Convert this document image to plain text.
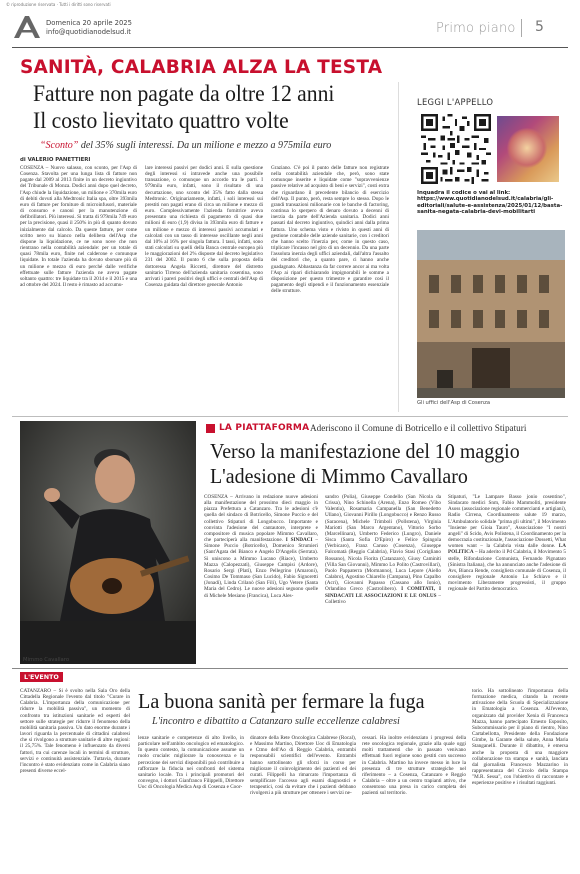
© riproduzione riservata · Tutti i diritti sono riservati
Domenica 20 aprile 2025
info@quotidianodelsud.it	Primo piano 5
SANITÀ, CALABRIA ALZA LA TESTA
Fatture non pagate da oltre 12 anni
Il costo lievitato quattro volte
“Sconto” del 35% sugli interessi. Da un milione e mezzo a 975mila euro
di VALERIO PANETTIERI
COSENZA – Nuovo salasso, con sconto, per l'Asp di Cosenza. Stavolta per una lunga lista di fatture non pagate dal 2009 al 2013 finite in un decreto ingiuntivo del Tribunale di Monza. Dodici anni dopo quel decreto, l'Asp chiude la liquidazione, un milione e 370mila euro di debiti dovuti alla Medtronic Italia spa, oltre 393mila euro di fatture per forniture di microinfusori, materiale di consumo e canoni per la manutenzione di defibrillatori. Più interessi. Si tratta di 979mila 749 euro per la precisione, quasi il 250% in più di quanto dovuto inizialmente dal calcolo. Da queste fatture, per come scritto nero su bianco nella delibera dell'Asp che dispone la liquidazione, ce ne sono nove che non rientrano nella contabilità aziendale: per un totale di quasi 78mila euro, finite nel calderone e comunque liquidate. In totale l'azienda ha dovuto sborsare più di un milione e mezzo di euro perché dalle verifiche effettuate sulle fatture l'azienda ne aveva pagate soltanto quattro: tre liquidate tra il 2014 e il 2015 e una ad ottobre del 2024. Il resto è rimasto ad accumu-
lare interessi passivi per dodici anni. E sulla questione degli interessi si intravede anche una possibile transazione, o comunque un accordo tra le parti. I 979mila euro, infatti, sono il risultato di una decurtazione, uno sconto del 35% fatto dalla stessa Medtronic. Originariamente, infatti, i soli interessi sui prestiti non pagati erano di circa un milione e mezzo di euro. Complessivamente l'azienda fornitrice aveva presentato una richiesta di pagamento di quasi due milioni di euro (1,9) divisa in 393mila euro di fatture e un milione e mezzo di interessi passivi accumulati e calcolati con un tasso di interesse oscillante negli anni dal 10% al 16% per singola fattura. I tassi, infatti, sono stati calcolati su quelli della Banca centrale europea più le maggiorazioni del 2% disposte dal decreto legislativo 231 del 2002. Il punto 6 che sulla proposta della dottoressa Angela Riccetti, direttore del distretto sanitario Tirreno dell'azienda sanitaria cosentina, sono arrivati i pareri positivi degli uffici e centrali dell'Asp di Cosenza guidata dal direttore generale Antonio
Graziano. C'è poi il punto delle fatture non registrate nella contabilità aziendale che, però, sono state comunque inserite e liquidate come "sopravvenienze passive relative ad acquisto di beni e servizi", costi extra che riguardano il precedente bilancio di esercizio dell'Asp. Il punto, però, resta sempre lo stesso. Dopo le grandi transazioni milionarie con le banche di factoring, continua lo sperpero di denaro dovuto a decenni di inerzia da parte dell'Azienda sanitaria. Dodici anni passati dal decreto ingiuntivo, quindici anni dalla prima fattura. Uno schema visto e rivisto in questi anni di gestione contabile delle aziende sanitarie, con i creditori che hanno scelto l'inerzia per, come in questo caso, triplicare l'incasso nel giro di un decennio. Da una parte l'assoluta inerzia degli uffici aziendali, dall'altra l'assalto dei creditori che, a quanto pare, ci hanno anche guadagnato. Abbastanza da far correre ancor ai ma volta l'Asp ai ripari dichiarando impignorabili le somme a disposizione per questo trimestre e garantire così il pagamento degli stipendi e il funzionamento essenziale delle strutture.
LEGGI L'APPELLO
Inquadra il codice o vai al link: https://www.quotidianodelsud.it/calabria/gli-editoriali/salute-e-assistenza/2025/01/12/basta-sanita-negata-calabria-devi-mobilitarti
Gli uffici dell'Asp di Cosenza
Mimmo Cavallaro
LA PIATTAFORMA Aderiscono il Comune di Botricello e il collettivo Stipaturi
Verso la manifestazione del 10 maggio
L'adesione di Mimmo Cavallaro
COSENZA – Arrivano in redazione nuove adesioni alla manifestazione del prossimo dieci maggio in piazza Prefettura a Catanzaro. Tra le adesioni c'è quella del sindaco di Botricello, Simone Puccio e del collettivo Stipaturi di Longobucco. Importante e convinta l'adesione del cantautore, interprete e compositore di musica popolare Mimmo Cavallaro, che parteciperà alla manifestazione. I SINDACI – Simone Puccio (Botricello), Domenico Strumieri (Sant'Agata del Bianco e Angelo D'Angelis (Serrata). Si uniscono a Mimmo Lucano (Riace), Umberto Mazza (Calopezzati), Giuseppe Campisi (Ardore), Rosario Sergi (Platì), Enzo Pellegrino (Amaroni), Cosimo De Tommaso (San Lucido), Fabio Signoretti (Jonadi), Linda Crilanò (San Fili), Ugo Vetere (Santa Maria del Cedro). Le nuove adesioni seguono quelle di Michele Mesiano (Francica), Luca Ales-
sandro (Polia), Giuseppe Condello (San Nicola da Crissa), Nino Schinella (Arena), Enzo Romeo (Vibo Valentia), Rosamaria Campanella (San Benedetto Ullano), Giovanni Pirillo (Longobucco) e Renzo Russo (Saracena), Michele Trimboli (Pollstena), Virginia Mariotti (San Marco Argentano), Vittorio Sorbo (Marcellinara), Umberto Federico (Lungro), Daniele Sisca (Santa Sofia D'Epiro) e Felice Spingola (Verbicaro), Franz Caruso (Cosenza), Giuseppe Falcomatà (Reggio Calabria), Flavio Stasi (Corigliano Rossano), Nicola Fiorita (Catanzaro), Giusy Caminiti (Villa San Giovanni), Mimmo Lo Polito (Castrovillari), Paolo Pappaterra (Mormanno), Luca Lepore (Aiello Calabro), Agostino Chiarello (Campana), Pino Capalbo (Acri), Giovanni Papasso (Cassano allo Ionio), Orlandino Greco (Castrolibero). I COMITATI, I SINDACATI LE ASSOCIAZIONI E LE ONLUS – Collettivo
Stipaturi, "Le Lampare Basso jonio cosentino", Sindacato medici Snm, Fabio Mammoliti, presidente Asoss (associazione regionale commercianti e artigiani), Radio Cirrena, Coordinamento salute 19 marzo, L'Ambulatorio solidale "prima gli ultimi", il Movimento "Insieme per Gioia Tauro", Associazione "I nostri angeli" di Scido, Avis Polistena, il Coordinamento per la democrazia costituzionale, l'associazione Dossetti, What women want – la Calabria vista dalle donne. LA POLITICA – Ha aderito il Pd Calabria, il Movimento 5 stelle, Rifondazione Comunista, Fernando Pignataro (Sinistra Italiana), che ha annunciato anche l'adesione di Avs, Bianca Rende, consigliera comunale di Cosenza, il consigliere regionale Antonio Lo Schiavo e il movimento Liberamente progressisti, il gruppo regionale del Partito democratico.
L'EVENTO
La buona sanità per fermare la fuga
L'incontro e dibattito a Catanzaro sulle eccellenze calabresi
CATANZARO – Si è svolto nella Sala Oro della Cittadella Regionale l'evento dal titolo "Curare in Calabria. L'importanza della comunicazione per ridurre la mobilità passiva", un momento di confronto tra istituzioni sanitarie ed esperti del settore sulle strategie per ridurre il fenomeno della mobilità sanitaria passiva. Un dato enorme durante i lavori riguarda la percentuale di cittadini calabresi che si rivolgono a strutture sanitarie di altre regioni: il 25,75%. Tale fenomeno è influenzato da diversi fattori, tra cui carenze locali in termini di strutture, servizi e continuità assistenziale. Tuttavia, durante l'incontro è stato evidenziato come in Calabria siano presenti diverse eccel-
lenze sanitarie e competenze di alto livello, in particolare nell'ambito oncologico ed ematologico. In questo contesto, la comunicazione assume un ruolo cruciale: migliorare la conoscenza e la percezione dei servizi disponibili può contribuire a rafforzare la fiducia nei confronti del sistema sanitario locale. Tra i principali promotori del convegno, i dottori Gianfranco Filippelli, Direttore Uoc di Oncologia Medica Asp di Cosenza e Coor-
dinatore della Rete Oncologica Calabrese (Rocal), e Massimo Martino, Direttore Uoc di Ematologia e Ctmo dell'Ao di Reggio Calabria, entrambi responsabili scientifici dell'evento. Entrambi hanno sottolineato gli sforzi in corso per migliorare il coinvolgimento dei pazienti ed dei curati. Filippelli ha rimarcato l'importanza di semplificare l'accesso agli esami diagnostici e terapeutici, così da evitare che i pazienti debbano rivolgersi a più strutture per ottenere i servizi ne-
cessari. Ha inoltre evidenziato i progressi della rete oncologica regionale, grazie alla quale oggi molti trattamenti che in passato venivano effettuati fuori regione sono gestiti con successo in Calabria. Martino ha invece messo in luce la presenza di tre strutture strategiche nel riferimento – a Cosenza, Catanzaro e Reggio Calabria – oltre a un centro trapianti attivo, che consentono una presa in carico completa dei pazienti sul territorio.
torio. Ha sottolineato l'importanza della formazione medica, citando la recente attivazione della Scuola di Specializzazione in Ematologia a Cosenza. All'evento, organizzato dal provider Xenia di Francesca Mazza, hanno partecipato Ernesto Esposito, Subcommissario per il piano di rientro, Nino Cartabellotta, Presidente della Fondazione Gimbe, la Garante della salute, Anna Maria Stanganelli. Durante il dibattito, è emersa anche la proposta di una maggiore collaborazione tra stampa e sanità, lanciata dal giornalista Francesco Mazzarino in rappresentanza del Circolo della Stampa "M.R. Sessa", con l'obiettivo di raccontare e esperienze positive e i risultati raggiunti.
